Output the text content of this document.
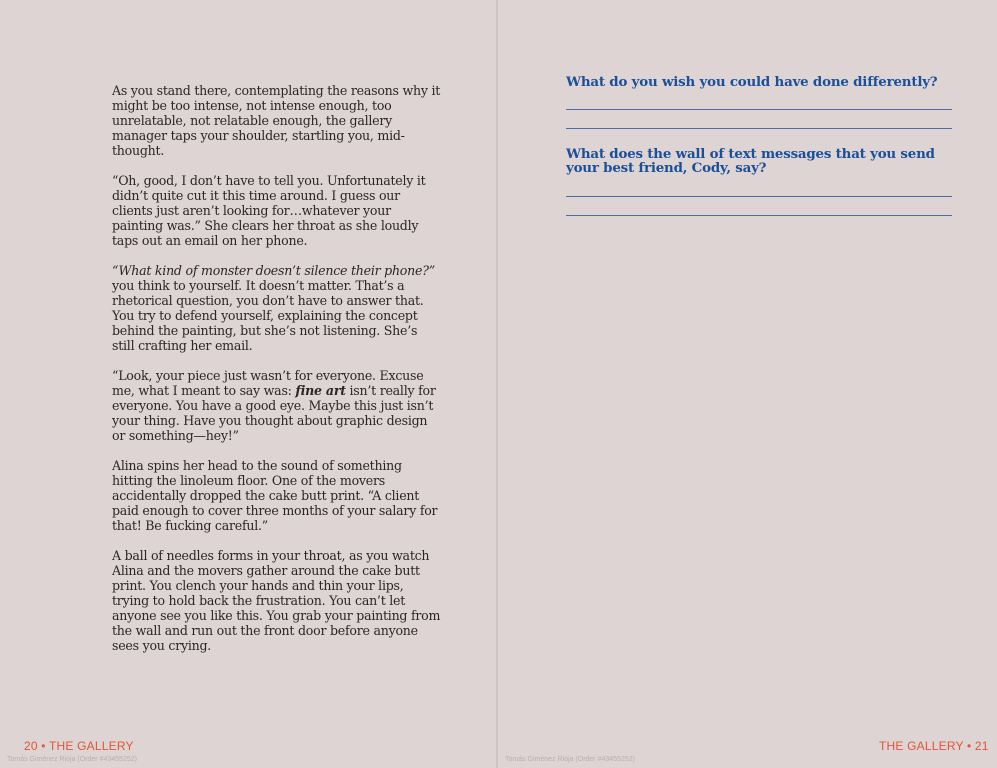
As you stand there, contemplating the reasons why it might be too intense, not intense enough, too unrelatable, not relatable enough, the gallery manager taps your shoulder, startling you, mid-thought.

“Oh, good, I don’t have to tell you. Unfortunately it didn’t quite cut it this time around. I guess our clients just aren’t looking for…whatever your painting was.” She clears her throat as she loudly taps out an email on her phone.

“What kind of monster doesn’t silence their phone?” you think to yourself. It doesn’t matter. That’s a rhetorical question, you don’t have to answer that. You try to defend yourself, explaining the concept behind the painting, but she’s not listening. She’s still crafting her email.

“Look, your piece just wasn’t for everyone. Excuse me, what I meant to say was: fine art isn’t really for everyone. You have a good eye. Maybe this just isn’t your thing. Have you thought about graphic design or something—hey!”

Alina spins her head to the sound of something hitting the linoleum floor. One of the movers accidentally dropped the cake butt print. “A client paid enough to cover three months of your salary for that! Be fucking careful.”

A ball of needles forms in your throat, as you watch Alina and the movers gather around the cake butt print. You clench your hands and thin your lips, trying to hold back the frustration. You can’t let anyone see you like this. You grab your painting from the wall and run out the front door before anyone sees you crying.

20 • THE GALLERY
Tomás Giménez Rioja (Order #43455252)
What do you wish you could have done differently?
What does the wall of text messages that you send your best friend, Cody, say?
THE GALLERY • 21
Tomás Giménez Rioja (Order #43455252)
